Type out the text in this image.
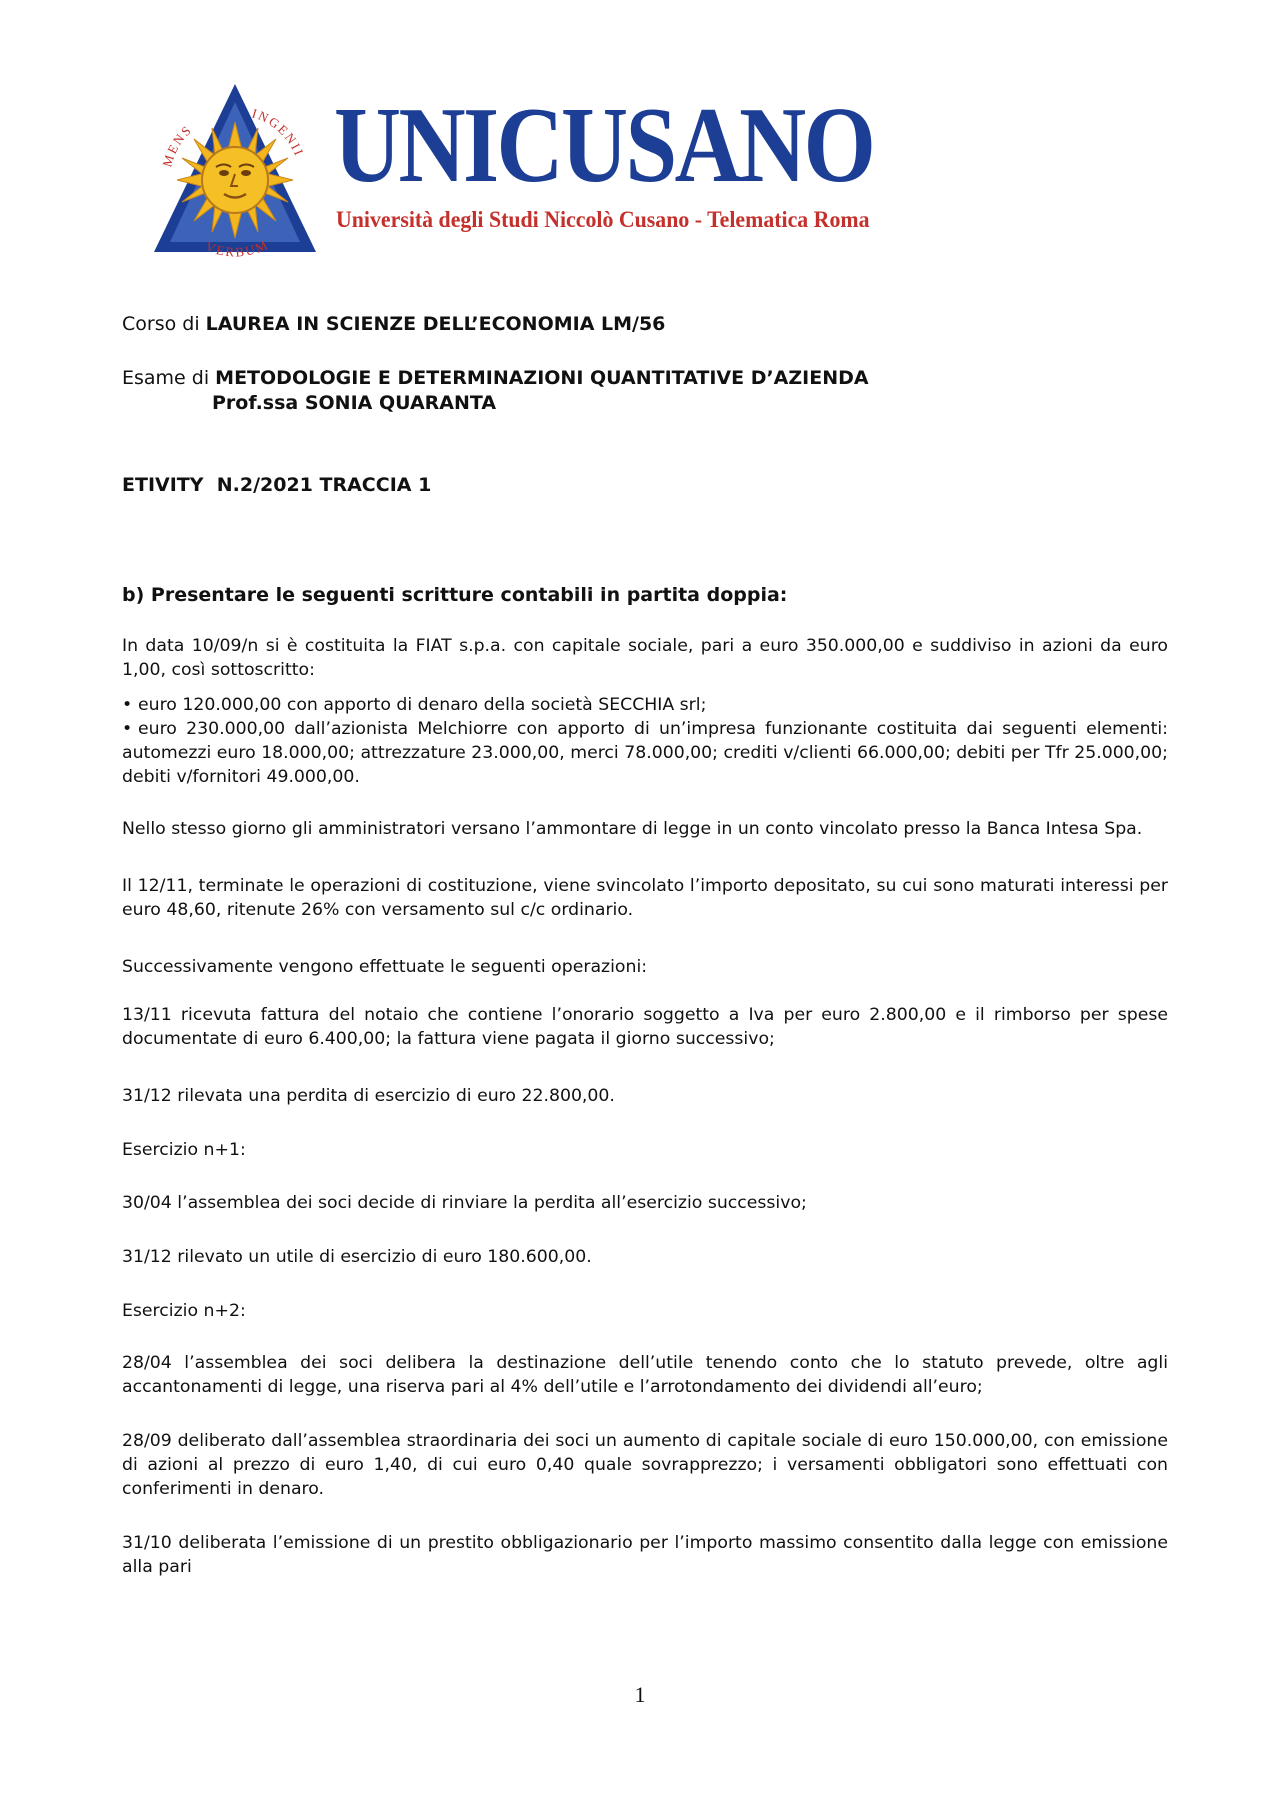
MENS
INGENII
VERBUM
UNICUSANO
Università degli Studi Niccolò Cusano - Telematica Roma
Corso di LAUREA IN SCIENZE DELL’ECONOMIA LM/56
Esame di METODOLOGIE E DETERMINAZIONI QUANTITATIVE D’AZIENDA
Prof.ssa SONIA QUARANTA
ETIVITY  N.2/2021 TRACCIA 1
b) Presentare le seguenti scritture contabili in partita doppia:

In data 10/09/n si è costituita la FIAT s.p.a. con capitale sociale, pari a euro 350.000,00 e suddiviso in azioni da euro 1,00, così sottoscritto:

• euro 120.000,00 con apporto di denaro della società SECCHIA srl;
• euro 230.000,00 dall’azionista Melchiorre con apporto di un’impresa funzionante costituita dai seguenti elementi: automezzi euro 18.000,00; attrezzature 23.000,00, merci 78.000,00; crediti v/clienti 66.000,00; debiti per Tfr 25.000,00; debiti v/fornitori 49.000,00.

Nello stesso giorno gli amministratori versano l’ammontare di legge in un conto vincolato presso la Banca Intesa Spa.

Il 12/11, terminate le operazioni di costituzione, viene svincolato l’importo depositato, su cui sono maturati interessi per euro 48,60, ritenute 26% con versamento sul c/c ordinario.

Successivamente vengono effettuate le seguenti operazioni:

13/11 ricevuta fattura del notaio che contiene l’onorario soggetto a Iva per euro 2.800,00 e il rimborso per spese documentate di euro 6.400,00; la fattura viene pagata il giorno successivo;

31/12 rilevata una perdita di esercizio di euro 22.800,00.

Esercizio n+1:

30/04 l’assemblea dei soci decide di rinviare la perdita all’esercizio successivo;

31/12 rilevato un utile di esercizio di euro 180.600,00.

Esercizio n+2:

28/04 l’assemblea dei soci delibera la destinazione dell’utile tenendo conto che lo statuto prevede, oltre agli accantonamenti di legge, una riserva pari al 4% dell’utile e l’arrotondamento dei dividendi all’euro;

28/09 deliberato dall’assemblea straordinaria dei soci un aumento di capitale sociale di euro 150.000,00, con emissione di azioni al prezzo di euro 1,40, di cui euro 0,40 quale sovrapprezzo; i versamenti obbligatori sono effettuati con conferimenti in denaro.

31/10 deliberata l’emissione di un prestito obbligazionario per l’importo massimo consentito dalla legge con emissione alla pari

1
